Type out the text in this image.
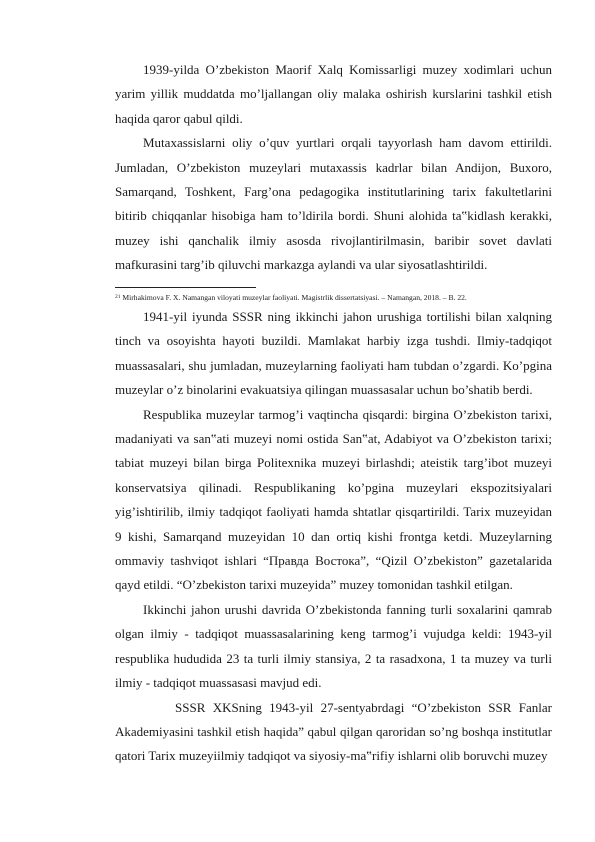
1939-yilda O’zbekiston Maorif Xalq Komissarligi muzey xodimlari uchun yarim yillik muddatda mo’ljallangan oliy malaka oshirish kurslarini tashkil etish haqida qaror qabul qildi.

Mutaxassislarni oliy o’quv yurtlari orqali tayyorlash ham davom ettirildi. Jumladan, O’zbekiston muzeylari mutaxassis kadrlar bilan Andijon, Buxoro, Samarqand, Toshkent, Farg’ona pedagogika institutlarining tarix fakultetlarini bitirib chiqqanlar hisobiga ham to’ldirila bordi. Shuni alohida ta‟kidlash kerakki, muzey ishi qanchalik ilmiy asosda rivojlantirilmasin, baribir sovet davlati mafkurasini targ’ib qiluvchi markazga aylandi va ular siyosatlashtirildi.

$^{21}$ Mirhakimova F. X. Namangan viloyati muzeylar faoliyati. Magistrlik dissertatsiyasi. – Namangan, 2018. – B. 22.

1941-yil iyunda SSSR ning ikkinchi jahon urushiga tortilishi bilan xalqning tinch va osoyishta hayoti buzildi. Mamlakat harbiy izga tushdi. Ilmiy-tadqiqot muassasalari, shu jumladan, muzeylarning faoliyati ham tubdan o’zgardi. Ko’pgina muzeylar o’z binolarini evakuatsiya qilingan muassasalar uchun bo’shatib berdi.

Respublika muzeylar tarmog’i vaqtincha qisqardi: birgina O’zbekiston tarixi, madaniyati va san‟ati muzeyi nomi ostida San‟at, Adabiyot va O’zbekiston tarixi; tabiat muzeyi bilan birga Politexnika muzeyi birlashdi; ateistik targ’ibot muzeyi konservatsiya qilinadi. Respublikaning ko’pgina muzeylari ekspozitsiyalari yig’ishtirilib, ilmiy tadqiqot faoliyati hamda shtatlar qisqartirildi. Tarix muzeyidan 9 kishi, Samarqand muzeyidan 10 dan ortiq kishi frontga ketdi. Muzeylarning ommaviy tashviqot ishlari “Правда Востока”, “Qizil O’zbekiston” gazetalarida qayd etildi. “O’zbekiston tarixi muzeyida” muzey tomonidan tashkil etilgan.

Ikkinchi jahon urushi davrida O’zbekistonda fanning turli soxalarini qamrab olgan ilmiy - tadqiqot muassasalarining keng tarmog’i vujudga keldi: 1943-yil respublika hududida 23 ta turli ilmiy stansiya, 2 ta rasadxona, 1 ta muzey va turli ilmiy - tadqiqot muassasasi mavjud edi.

SSSR XKSning 1943-yil 27-sentyabrdagi “O’zbekiston SSR Fanlar Akademiyasini tashkil etish haqida” qabul qilgan qaroridan so’ng boshqa institutlar qatori Tarix muzeyiilmiy tadqiqot va siyosiy-ma‟rifiy ishlarni olib boruvchi muzey
